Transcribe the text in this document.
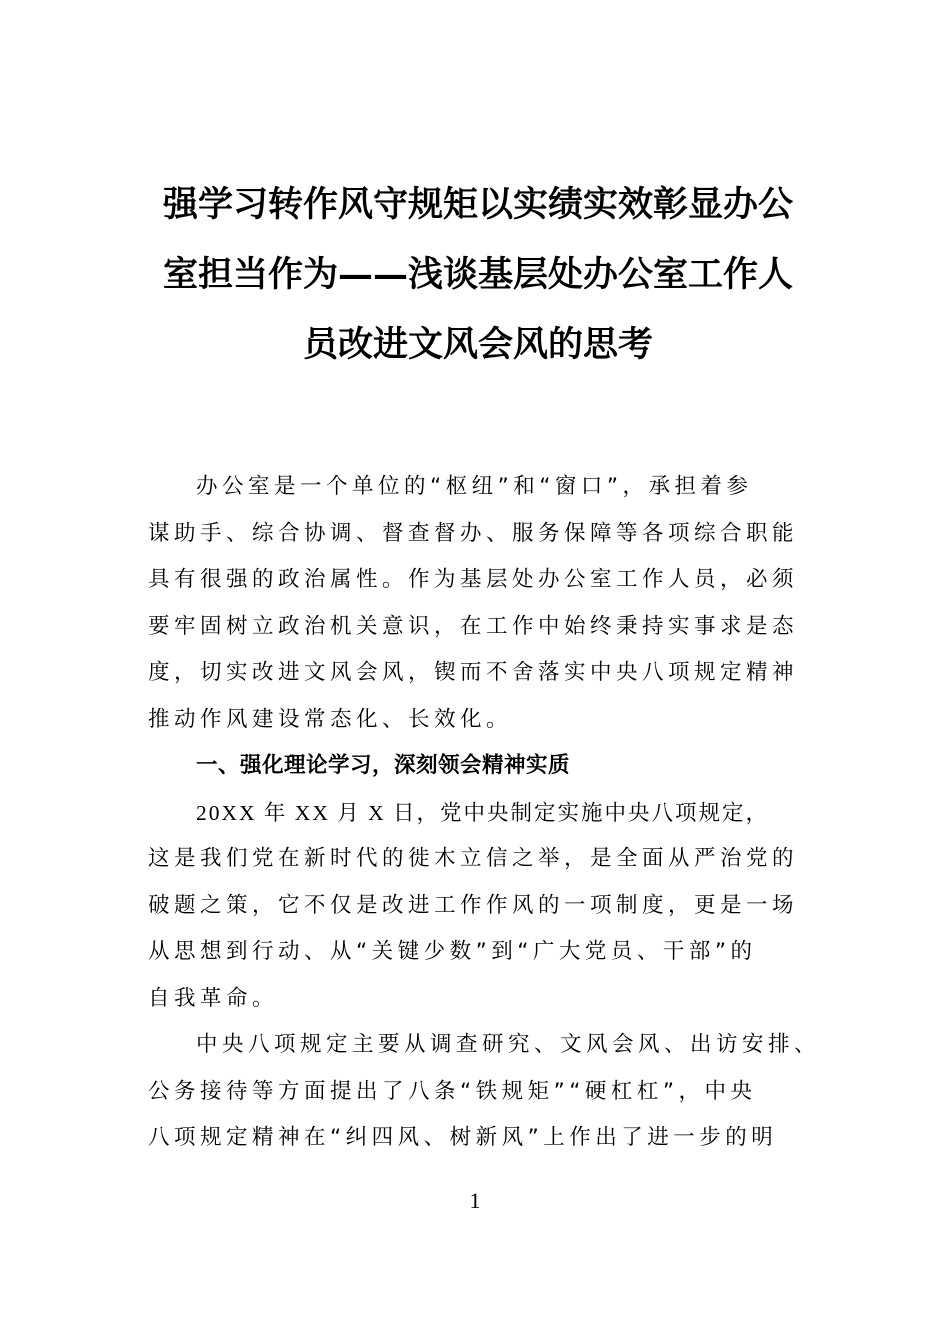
强学习转作风守规矩以实绩实效彰显办公
室担当作为——浅谈基层处办公室工作人
员改进文风会风的思考
办公室是一个单位的“枢纽”和“窗口”，承担着参
谋助手、综合协调、督查督办、服务保障等各项综合职能
具有很强的政治属性。作为基层处办公室工作人员，必须
要牢固树立政治机关意识，在工作中始终秉持实事求是态
度，切实改进文风会风，锲而不舍落实中央八项规定精神
推动作风建设常态化、长效化。
一、强化理论学习，深刻领会精神实质
20XX 年 XX 月 X 日，党中央制定实施中央八项规定，
这是我们党在新时代的徙木立信之举，是全面从严治党的
破题之策，它不仅是改进工作作风的一项制度，更是一场
从思想到行动、从“关键少数”到“广大党员、干部”的
自我革命。
中央八项规定主要从调查研究、文风会风、出访安排、
公务接待等方面提出了八条“铁规矩”“硬杠杠”，中央
八项规定精神在“纠四风、树新风”上作出了进一步的明
1
